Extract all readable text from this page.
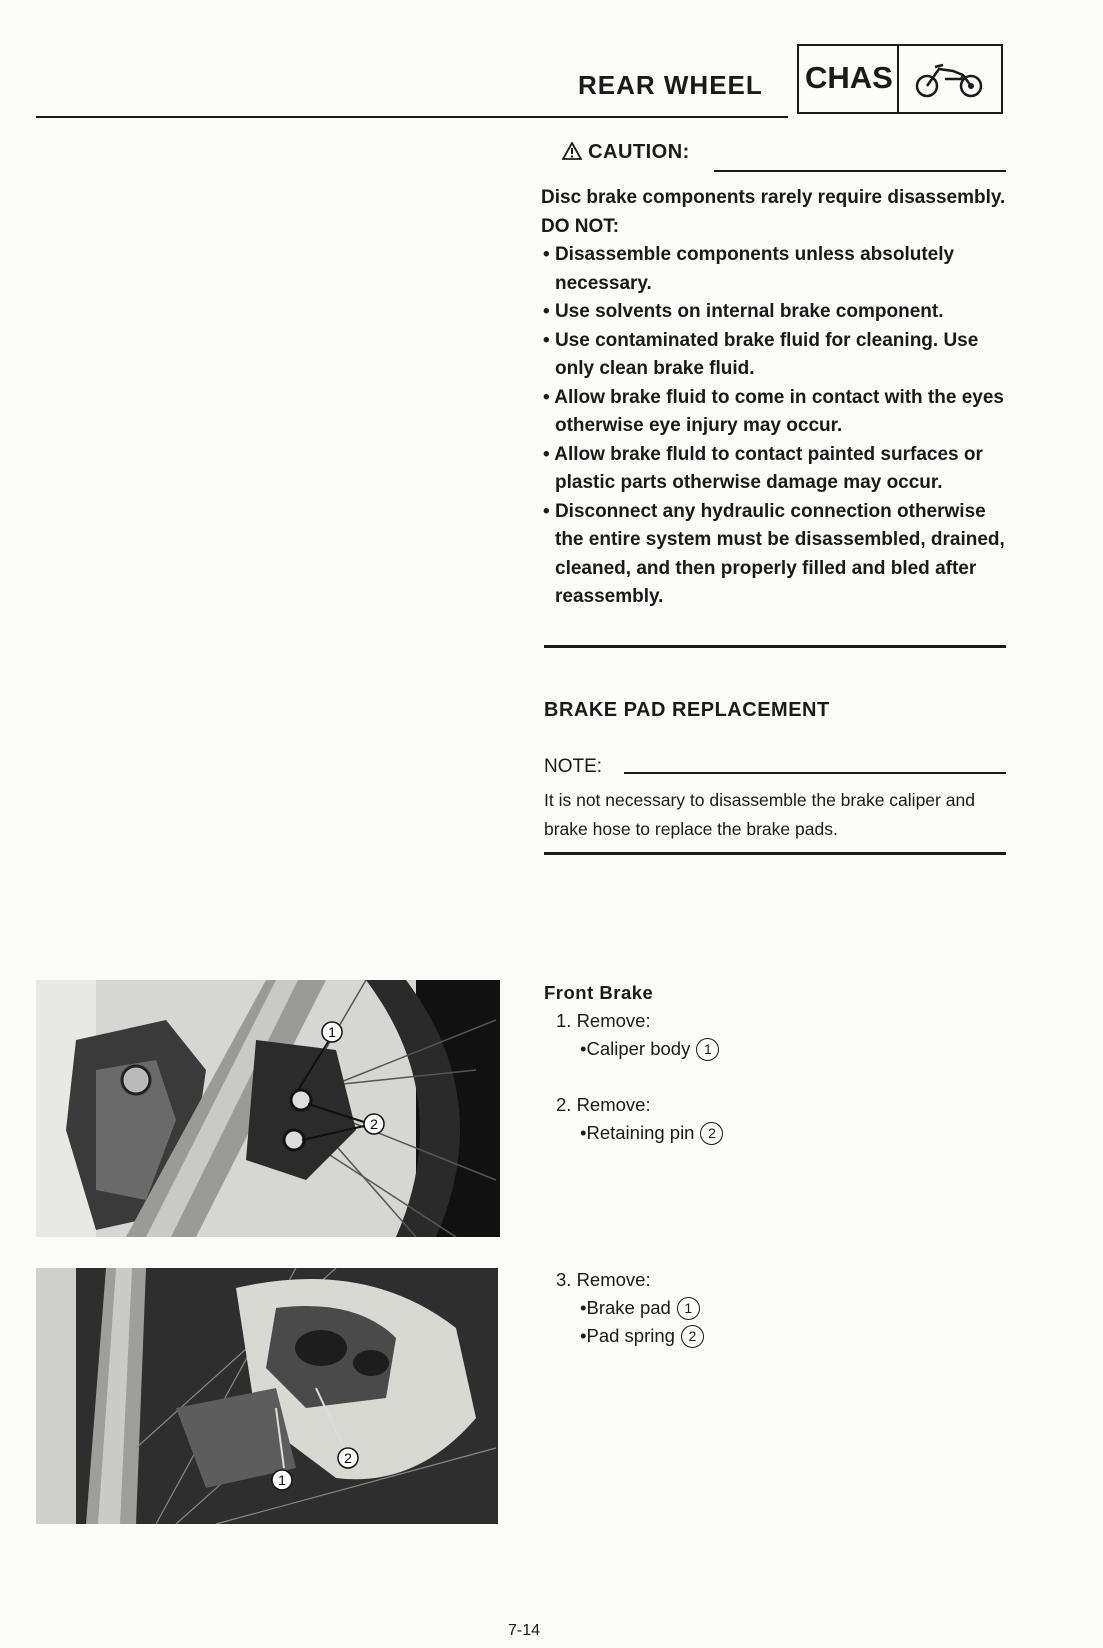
REAR WHEEL CHAS
CAUTION:

Disc brake components rarely require disassembly. DO NOT:

• Disassemble components unless absolutely necessary.

• Use solvents on internal brake component.

• Use contaminated brake fluid for cleaning. Use only clean brake fluid.

• Allow brake fluid to come in contact with the eyes otherwise eye injury may occur.

• Allow brake fluld to contact painted surfaces or plastic parts otherwise damage may occur.

• Disconnect any hydraulic connection otherwise the entire system must be disassembled, drained, cleaned, and then properly filled and bled after reassembly.

BRAKE PAD REPLACEMENT
NOTE:
It is not necessary to disassemble the brake caliper and brake hose to replace the brake pads.
Front Brake
1. Remove:
•Caliper body 1
2. Remove:
•Retaining pin 2
3. Remove:
•Brake pad 1
•Pad spring 2
1
2
1
2
7-14
